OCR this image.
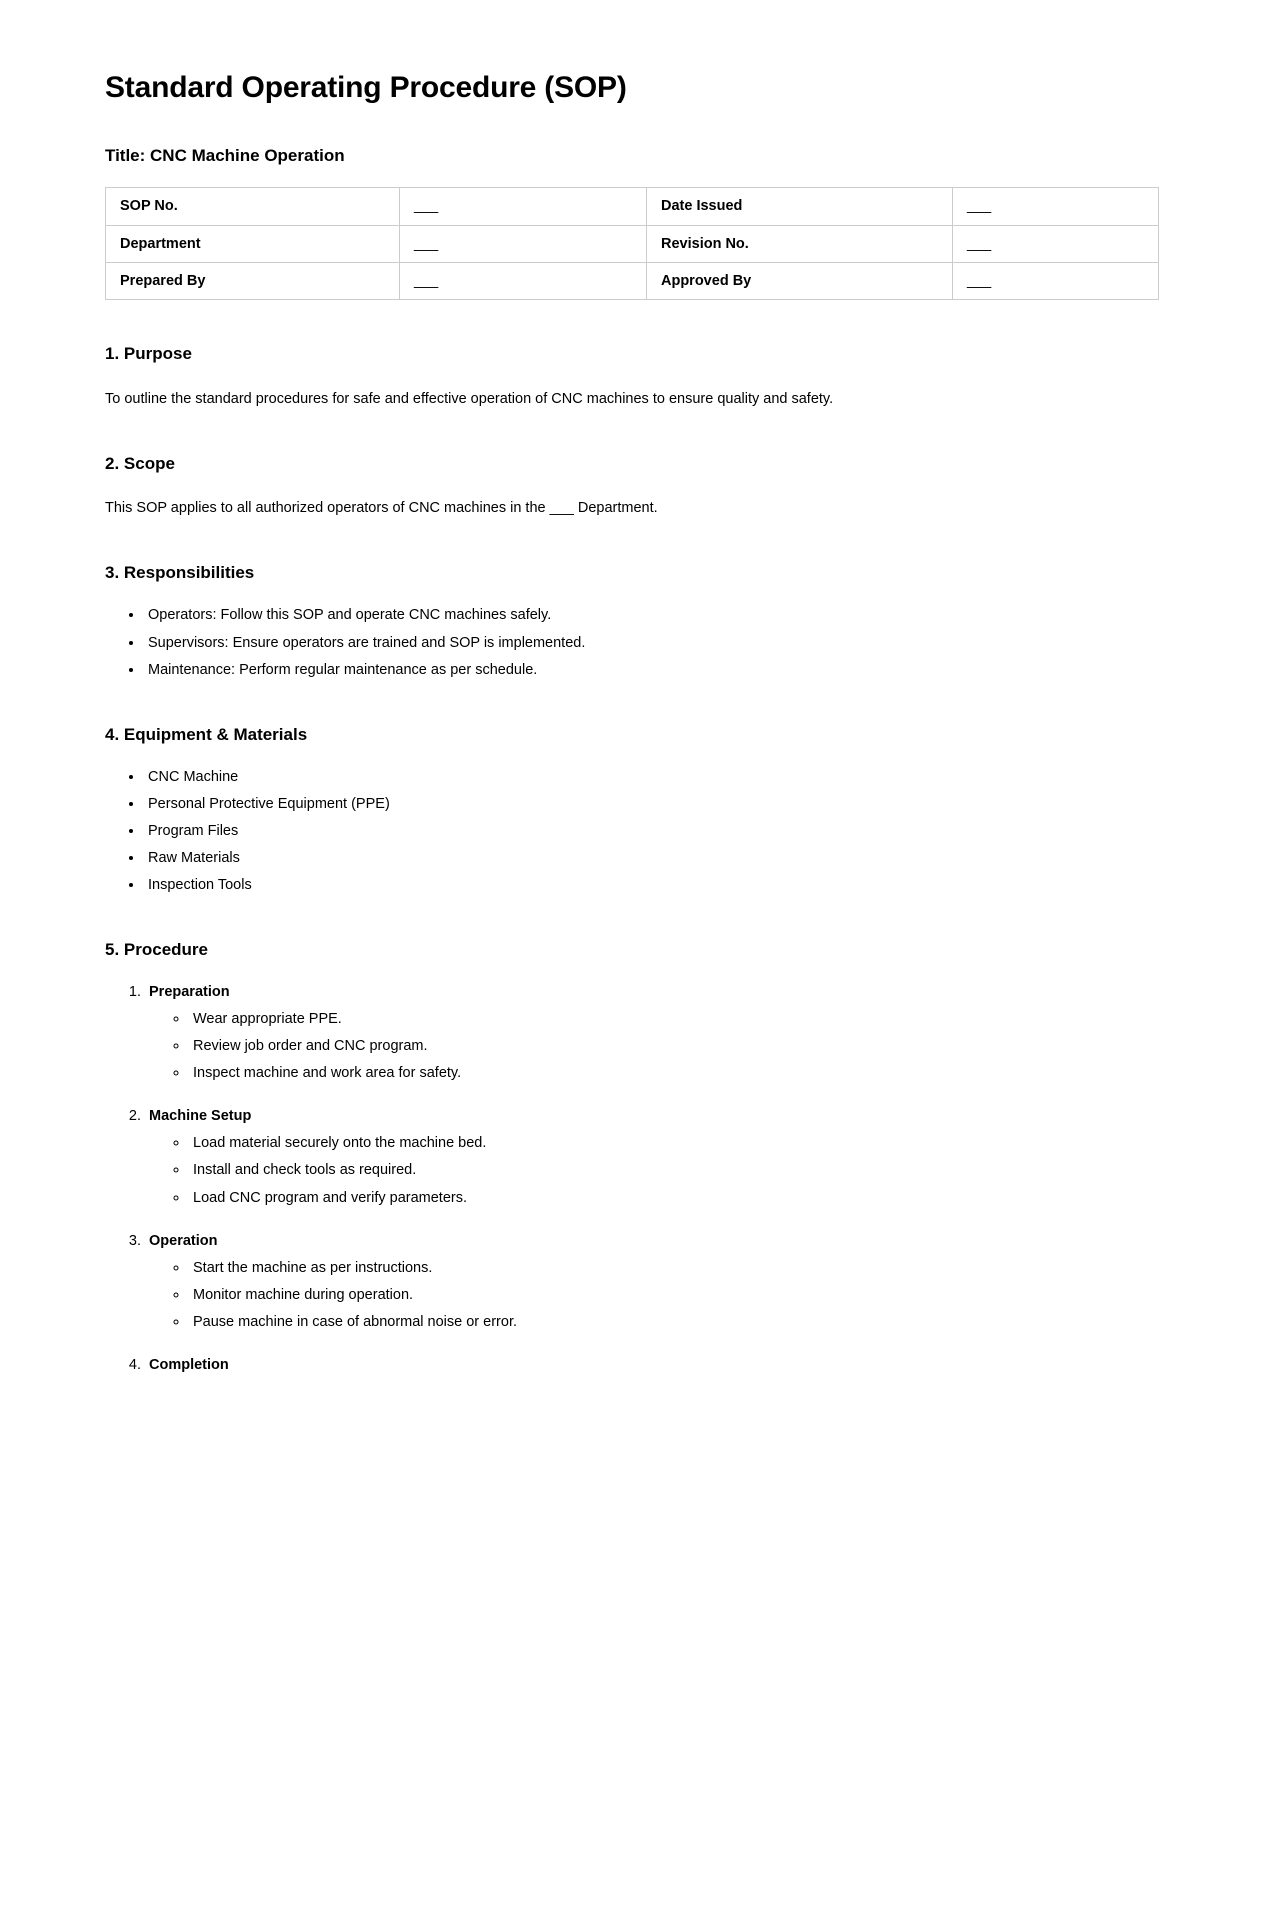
Standard Operating Procedure (SOP)
Title: CNC Machine Operation
SOP No.	___	Date Issued	___
Department	___	Revision No.	___
Prepared By	___	Approved By	___
1. Purpose

To outline the standard procedures for safe and effective operation of CNC machines to ensure quality and safety.

2. Scope

This SOP applies to all authorized operators of CNC machines in the ___ Department.

3. Responsibilities
• Operators: Follow this SOP and operate CNC machines safely.
• Supervisors: Ensure operators are trained and SOP is implemented.
• Maintenance: Perform regular maintenance as per schedule.
4. Equipment & Materials
• CNC Machine
• Personal Protective Equipment (PPE)
• Program Files
• Raw Materials
• Inspection Tools
5. Procedure
1. Preparation
◦ Wear appropriate PPE.
◦ Review job order and CNC program.
◦ Inspect machine and work area for safety.
2. Machine Setup
◦ Load material securely onto the machine bed.
◦ Install and check tools as required.
◦ Load CNC program and verify parameters.
3. Operation
◦ Start the machine as per instructions.
◦ Monitor machine during operation.
◦ Pause machine in case of abnormal noise or error.
4. Completion
